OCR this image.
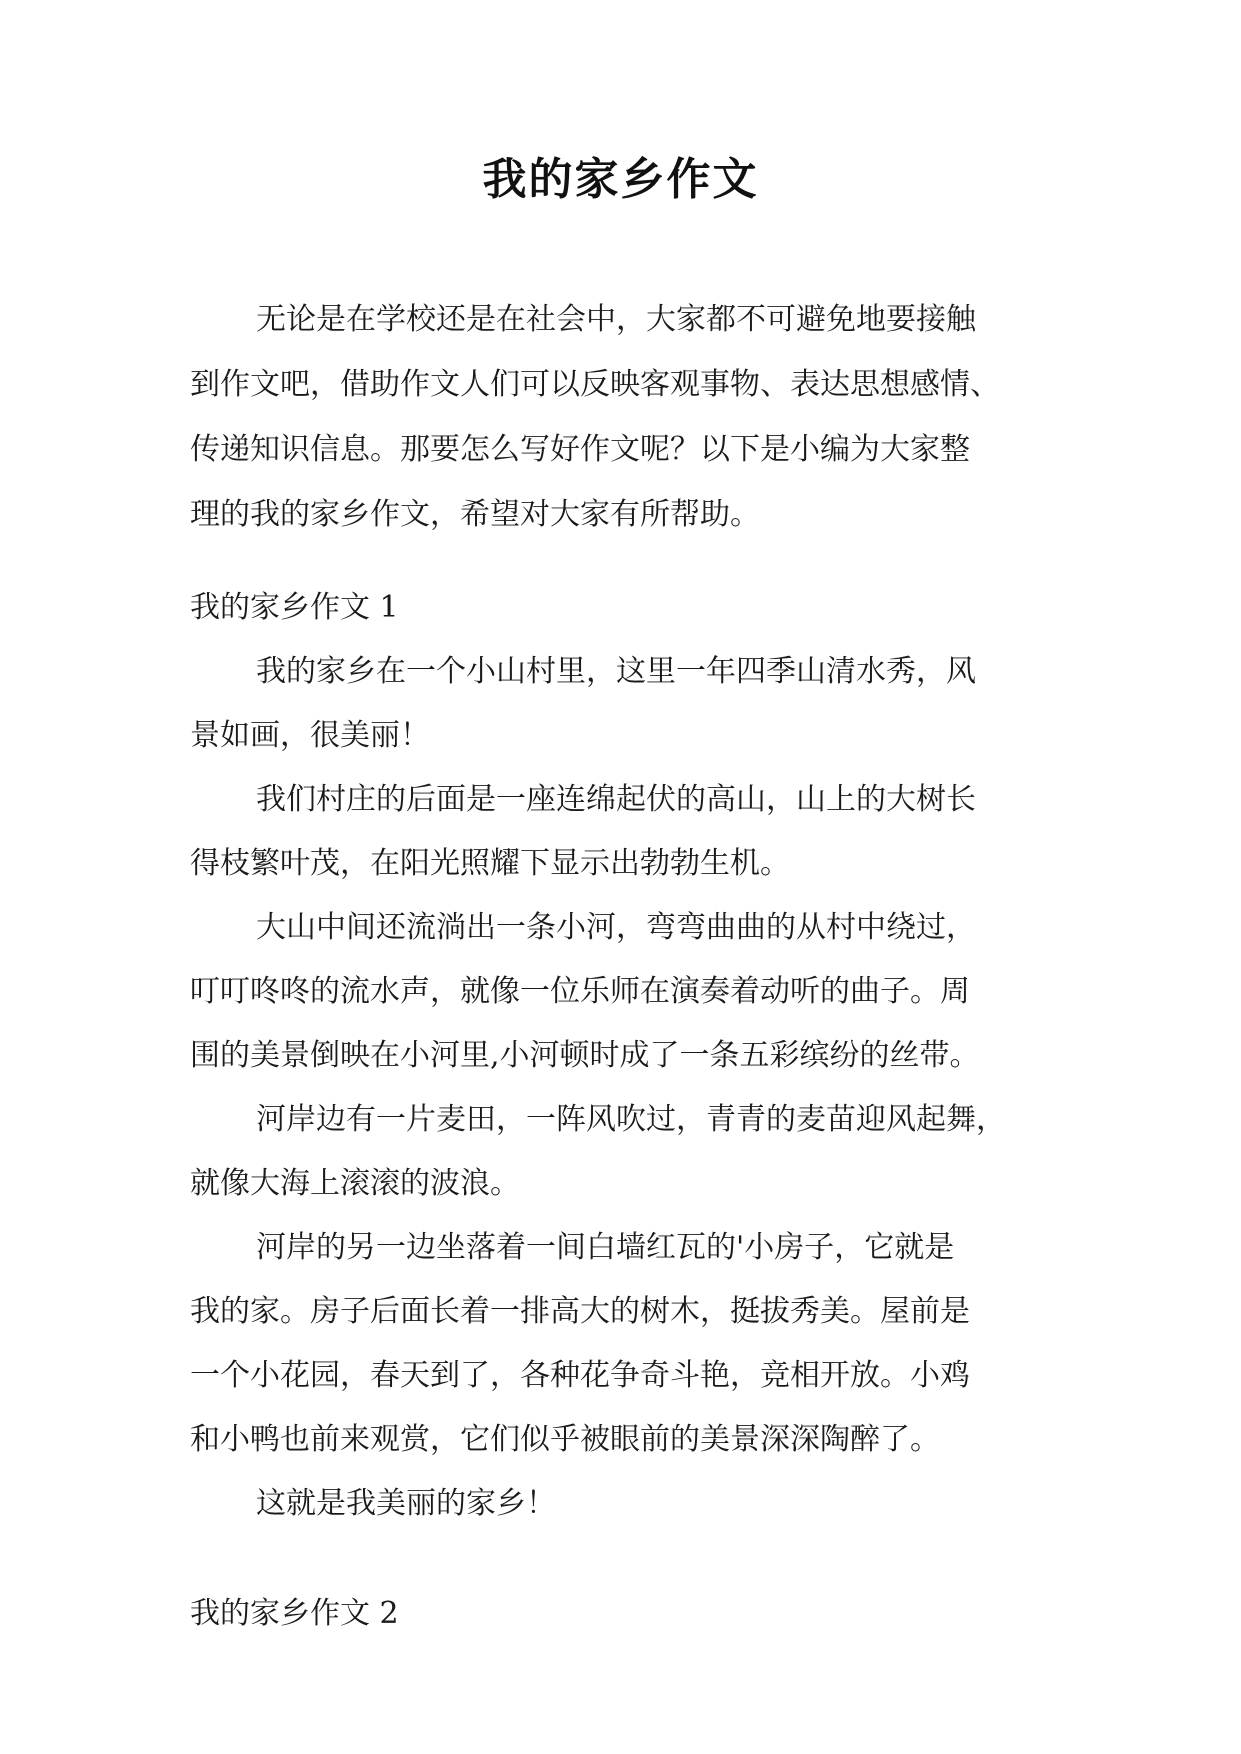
我的家乡作文
无论是在学校还是在社会中，大家都不可避免地要接触
到作文吧，借助作文人们可以反映客观事物、表达思想感情、
传递知识信息。那要怎么写好作文呢？以下是小编为大家整
理的我的家乡作文，希望对大家有所帮助。
我的家乡作文 1
我的家乡在一个小山村里，这里一年四季山清水秀，风
景如画，很美丽！
我们村庄的后面是一座连绵起伏的高山，山上的大树长
得枝繁叶茂，在阳光照耀下显示出勃勃生机。
大山中间还流淌出一条小河，弯弯曲曲的从村中绕过，
叮叮咚咚的流水声，就像一位乐师在演奏着动听的曲子。周
围的美景倒映在小河里,小河顿时成了一条五彩缤纷的丝带。
河岸边有一片麦田，一阵风吹过，青青的麦苗迎风起舞，
就像大海上滚滚的波浪。
河岸的另一边坐落着一间白墙红瓦的'小房子，它就是
我的家。房子后面长着一排高大的树木，挺拔秀美。屋前是
一个小花园，春天到了，各种花争奇斗艳，竞相开放。小鸡
和小鸭也前来观赏，它们似乎被眼前的美景深深陶醉了。
这就是我美丽的家乡！
我的家乡作文 2
